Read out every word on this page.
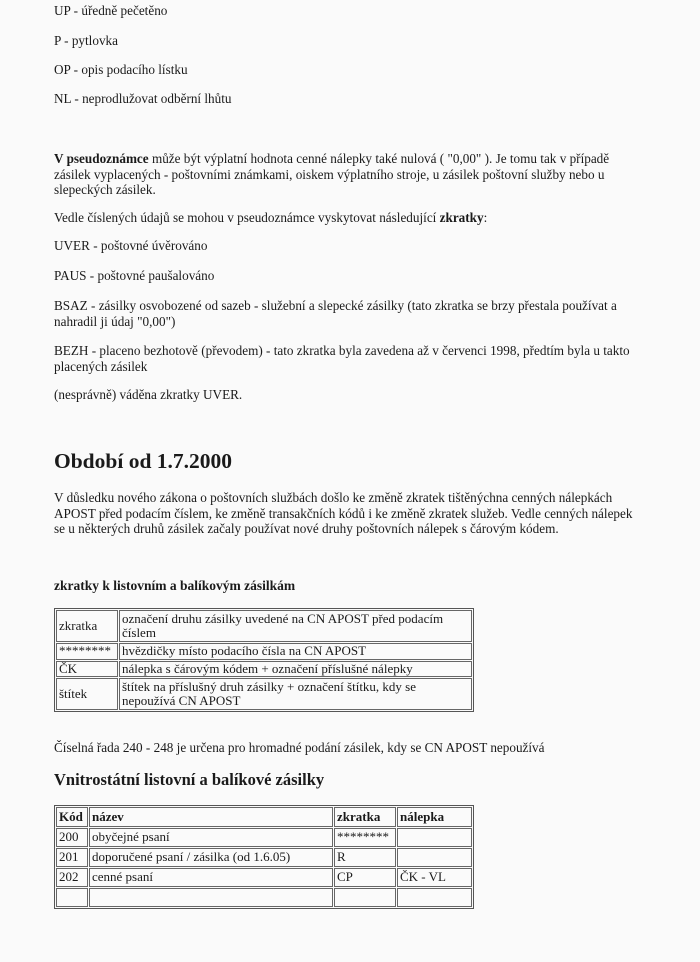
UP - úředně pečetěno

P - pytlovka

OP - opis podacího lístku

NL - neprodlužovat odběrní lhůtu

V pseudoznámce může být výplatní hodnota cenné nálepky také nulová ( "0,00" ). Je tomu tak v případě zásilek vyplacených - poštovními známkami, oiskem výplatního stroje, u zásilek poštovní služby nebo u slepeckých zásilek.

Vedle číslených údajů se mohou v pseudoznámce vyskytovat následující zkratky:

UVER - poštovné úvěrováno

PAUS - poštovné paušalováno

BSAZ - zásilky osvobozené od sazeb - služební a slepecké zásilky (tato zkratka se brzy přestala používat a nahradil ji údaj "0,00")

BEZH - placeno bezhotově (převodem) - tato zkratka byla zavedena až v červenci 1998, předtím byla u takto placených zásilek

(nesprávně) váděna zkratky UVER.

Období od 1.7.2000

V důsledku nového zákona o poštovních službách došlo ke změně zkratek tištěnýchna cenných nálepkách APOST před podacím číslem, ke změně transakčních kódů i ke změně zkratek služeb. Vedle cenných nálepek se u některých druhů zásilek začaly používat nové druhy poštovních nálepek s čárovým kódem.

zkratky k listovním a balíkovým zásilkám
zkratka	označení druhu zásilky uvedené na CN APOST před podacím číslem
********	hvězdičky místo podacího čísla na CN APOST
ČK	nálepka s čárovým kódem + označení příslušné nálepky
štítek	štítek na příslušný druh zásilky + označení štítku, kdy se nepoužívá CN APOST

Číselná řada 240 - 248 je určena pro hromadné podání zásilek, kdy se CN APOST nepoužívá

Vnitrostátní listovní a balíkové zásilky
Kód	název	zkratka	nálepka
200	obyčejné psaní	********	
201	doporučené psaní / zásilka (od 1.6.05)	R	
202	cenné psaní	CP	ČK - VL
